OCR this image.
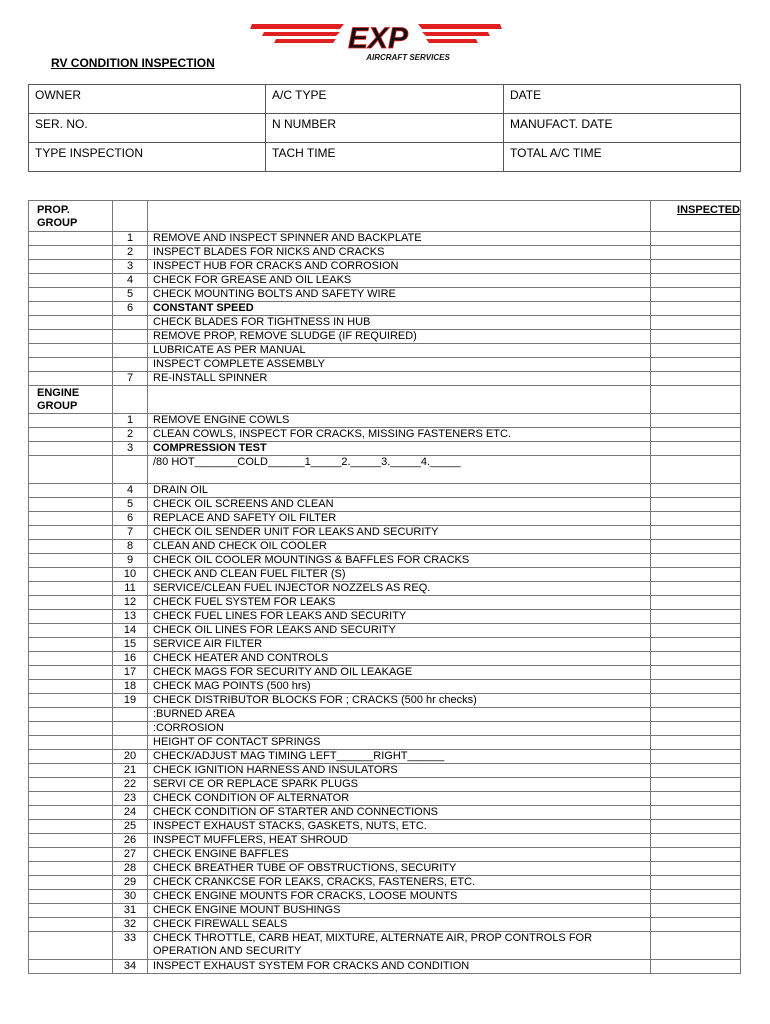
EXP
AIRCRAFT SERVICES
RV CONDITION INSPECTION
OWNER	A/C TYPE	DATE
SER. NO.	N NUMBER	MANUFACT. DATE
TYPE INSPECTION	TACH TIME	TOTAL A/C TIME
PROP.
GROUP			INSPECTED
	1	REMOVE AND INSPECT SPINNER AND BACKPLATE	
	2	INSPECT BLADES FOR NICKS AND CRACKS	
	3	INSPECT HUB FOR CRACKS AND CORROSION	
	4	CHECK FOR GREASE AND OIL LEAKS	
	5	CHECK MOUNTING BOLTS AND SAFETY WIRE	
	6	CONSTANT SPEED	
		CHECK BLADES FOR TIGHTNESS IN HUB	
		REMOVE PROP, REMOVE SLUDGE (IF REQUIRED)	
		LUBRICATE AS PER MANUAL	
		INSPECT COMPLETE ASSEMBLY	
	7	RE-INSTALL SPINNER	
ENGINE
GROUP			
	1	REMOVE ENGINE COWLS	
	2	CLEAN COWLS, INSPECT FOR CRACKS, MISSING FASTENERS ETC.	
	3	COMPRESSION TEST	
		/80 HOT_______COLD______1_____2._____3._____4._____	
	4	DRAIN OIL	
	5	CHECK OIL SCREENS AND CLEAN	
	6	REPLACE AND SAFETY OIL FILTER	
	7	CHECK OIL SENDER UNIT FOR LEAKS AND SECURITY	
	8	CLEAN AND CHECK OIL COOLER	
	9	CHECK OIL COOLER MOUNTINGS & BAFFLES FOR CRACKS	
	10	CHECK AND CLEAN FUEL FILTER (S)	
	11	SERVICE/CLEAN FUEL INJECTOR NOZZELS AS REQ.	
	12	CHECK FUEL SYSTEM FOR LEAKS	
	13	CHECK FUEL LINES FOR LEAKS AND SECURITY	
	14	CHECK OIL LINES FOR LEAKS AND SECURITY	
	15	SERVICE AIR FILTER	
	16	CHECK HEATER AND CONTROLS	
	17	CHECK MAGS FOR SECURITY AND OIL LEAKAGE	
	18	CHECK MAG POINTS (500 hrs)	
	19	CHECK DISTRIBUTOR BLOCKS FOR ; CRACKS (500 hr checks)	
		:BURNED AREA	
		:CORROSION	
		HEIGHT OF CONTACT SPRINGS	
	20	CHECK/ADJUST MAG TIMING LEFT______RIGHT______	
	21	CHECK IGNITION HARNESS AND INSULATORS	
	22	SERVI CE OR REPLACE SPARK PLUGS	
	23	CHECK CONDITION OF ALTERNATOR	
	24	CHECK CONDITION OF STARTER AND CONNECTIONS	
	25	INSPECT EXHAUST STACKS, GASKETS, NUTS, ETC.	
	26	INSPECT MUFFLERS, HEAT SHROUD	
	27	CHECK ENGINE BAFFLES	
	28	CHECK BREATHER TUBE OF OBSTRUCTIONS, SECURITY	
	29	CHECK CRANKCSE FOR LEAKS, CRACKS, FASTENERS, ETC.	
	30	CHECK ENGINE MOUNTS FOR CRACKS, LOOSE MOUNTS	
	31	CHECK ENGINE MOUNT BUSHINGS	
	32	CHECK FIREWALL SEALS	
	33	CHECK THROTTLE, CARB HEAT, MIXTURE, ALTERNATE AIR, PROP CONTROLS FOR
OPERATION AND SECURITY	
	34	INSPECT EXHAUST SYSTEM FOR CRACKS AND CONDITION	
